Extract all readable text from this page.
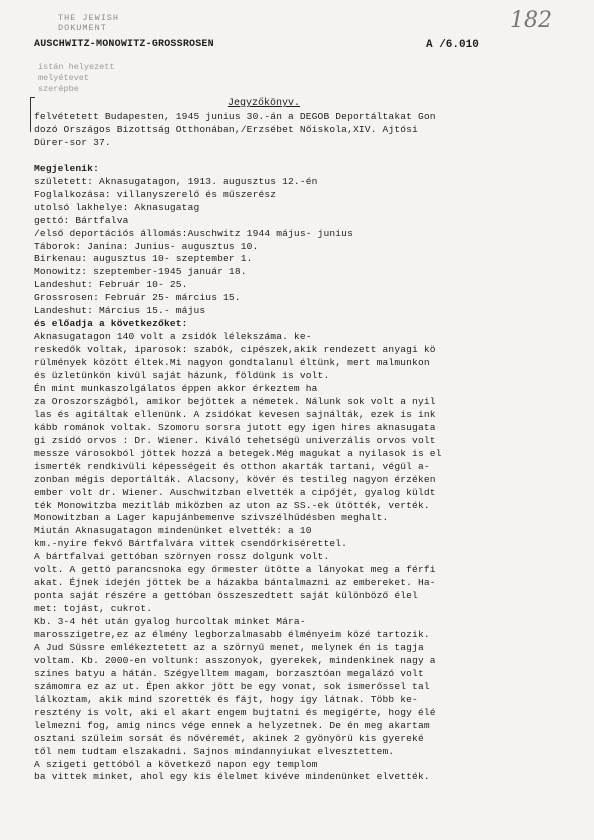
THE JEWISH
DOKUMENT	182
AUSCHWITZ-MONOWITZ-GROSSROSEN	A /6.010
istán helyezett
melyétevet
szerépbe
Jegyzőkönyv.
felvétetett Budapesten, 1945 junius 30.-án a DEGOB Deportáltakat Gon
dozó Országos Bizottság Otthonában,/Erzsébet Nőiskola,XIV. Ajtósi
Dürer-sor 37.
Megjelenik:
született: Aknasugatagon, 1913. augusztus 12.-én
Foglalkozása: villanyszerelő és műszerész
utolsó lakhelye: Aknasugatag
gettó: Bártfalva
/első deportációs állomás:Auschwitz 1944 május- junius
Táborok: Janina: Junius- augusztus 10.
Birkenau: augusztus 10- szeptember 1.
Monowitz: szeptember-1945 január 18.
Landeshut: Február 10- 25.
Grossrosen: Február 25- március 15.
Landeshut: Március 15.- május
és előadja a következőket:
Aknasugatagon 140 volt a zsidók lélekszáma. ke-
reskedők voltak, iparosok: szabók, cipészek,akik rendezett anyagi kö
rülmények között éltek.Mi nagyon gondtalanul éltünk, mert malmunkon
és üzletünkön kivül saját házunk, földünk is volt.
Én mint munkaszolgálatos éppen akkor érkeztem ha
za Oroszországból, amikor bejöttek a németek. Nálunk sok volt a nyil
las és agitáltak ellenünk. A zsidókat kevesen sajnálták, ezek is ink
kább románok voltak. Szomoru sorsra jutott egy igen hires aknasugata
gi zsidó orvos : Dr. Wiener. Kiváló tehetségü univerzális orvos volt
messze városokból jöttek hozzá a betegek.Még magukat a nyilasok is el
ismerték rendkivüli képességeit és otthon akarták tartani, végül a-
zonban mégis deportálták. Alacsony, kövér és testileg nagyon érzéken
ember volt dr. Wiener. Auschwitzban elvették a cipőjét, gyalog küldt
ték Monowitzba mezitláb miközben az uton az SS.-ek ütötték, verték.
Monowitzban a Lager kapujánbemenve szivszélhűdésben meghalt.
Miután Aknasugatagon mindenünket elvették: a 10
km.-nyire fekvő Bártfalvára vittek csendőrkisérettel.
A bártfalvai gettóban szörnyen rossz dolgunk volt.
volt. A gettó parancsnoka egy őrmester ütötte a lányokat meg a férfi
akat. Éjnek idején jöttek be a házakba bántalmazni az embereket. Ha-
ponta saját részére a gettóban összeszedtett saját különböző élel
met: tojást, cukrot.
Kb. 3-4 hét után gyalog hurcoltak minket Mára-
marosszigetre,ez az élmény legborzalmasabb élményeim közé tartozik.
A Jud Süssre emlékeztetett az a szörnyű menet, melynek én is tagja
voltam. Kb. 2000-en voltunk: asszonyok, gyerekek, mindenkinek nagy a
szines batyu a hátán. Szégyelltem magam, borzasztóan megalázó volt
számomra ez az ut. Épen akkor jött be egy vonat, sok ismerőssel tal
lálkoztam, akik mind szorették és fájt, hogy így látnak. Több ke-
resztény is volt, aki el akart engem bujtatni és megigérte, hogy élé
lelmezni fog, amig nincs vége ennek a helyzetnek. De én meg akartam
osztani szüleim sorsát és nővéremét, akinek 2 gyönyörü kis gyereké
től nem tudtam elszakadni. Sajnos mindannyiukat elvesztettem.
A szigeti gettóból a következő napon egy templom
ba vittek minket, ahol egy kis élelmet kivéve mindenünket elvették.
